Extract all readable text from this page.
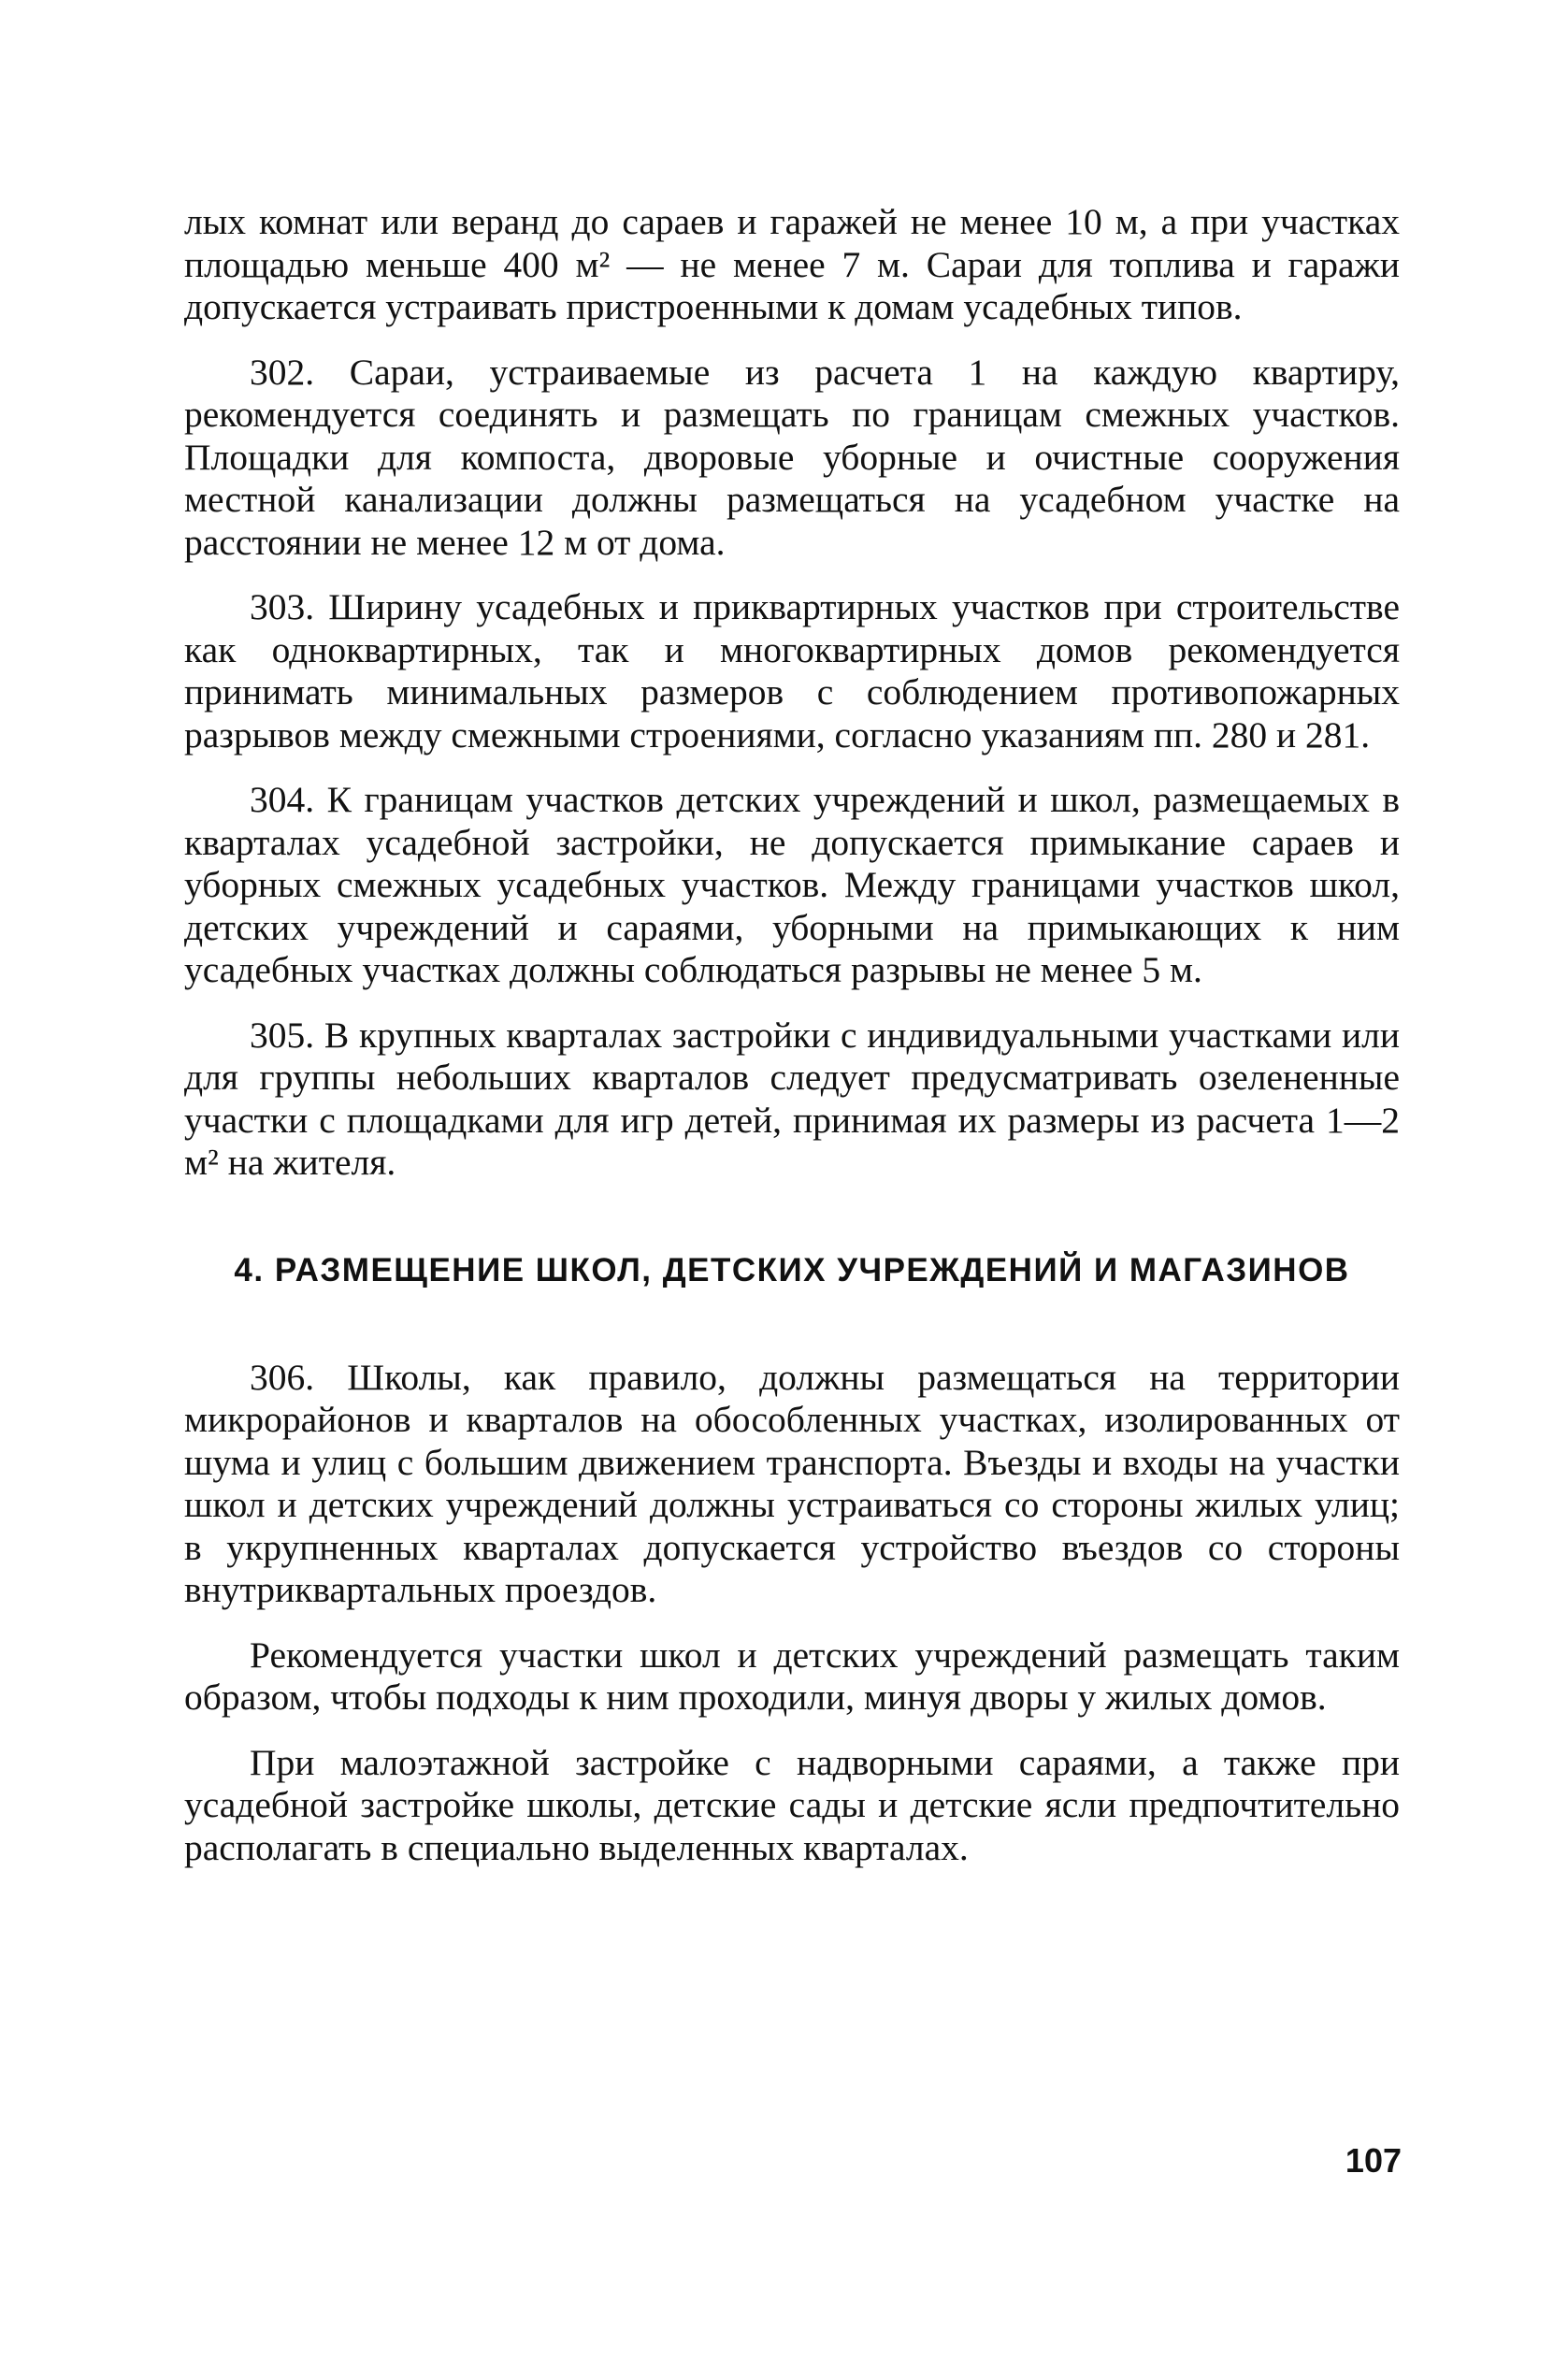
лых комнат или веранд до сараев и гаражей не менее 10 м, а при участках площадью меньше 400 м² — не менее 7 м. Сараи для топлива и гаражи допускается устраивать пристроенными к домам усадебных типов.

302. Сараи, устраиваемые из расчета 1 на каждую квартиру, рекомендуется соединять и размещать по границам смежных участков. Площадки для компоста, дворовые уборные и очистные сооружения местной канализации должны размещаться на усадебном участке на расстоянии не менее 12 м от дома.

303. Ширину усадебных и приквартирных участков при строительстве как одноквартирных, так и многоквартирных домов рекомендуется принимать минимальных размеров с соблюдением противопожарных разрывов между смежными строениями, согласно указаниям пп. 280 и 281.

304. К границам участков детских учреждений и школ, размещаемых в кварталах усадебной застройки, не допускается примыкание сараев и уборных смежных усадебных участков. Между границами участков школ, детских учреждений и сараями, уборными на примыкающих к ним усадебных участках должны соблюдаться разрывы не менее 5 м.

305. В крупных кварталах застройки с индивидуальными участками или для группы небольших кварталов следует предусматривать озелененные участки с площадками для игр детей, принимая их размеры из расчета 1—2 м² на жителя.

4. РАЗМЕЩЕНИЕ ШКОЛ, ДЕТСКИХ УЧРЕЖДЕНИЙ И МАГАЗИНОВ

306. Школы, как правило, должны размещаться на территории микрорайонов и кварталов на обособленных участках, изолированных от шума и улиц с большим движением транспорта. Въезды и входы на участки школ и детских учреждений должны устраиваться со стороны жилых улиц; в укрупненных кварталах допускается устройство въездов со стороны внутриквартальных проездов.

Рекомендуется участки школ и детских учреждений размещать таким образом, чтобы подходы к ним проходили, минуя дворы у жилых домов.

При малоэтажной застройке с надворными сараями, а также при усадебной застройке школы, детские сады и детские ясли предпочтительно располагать в специально выделенных кварталах.

107
